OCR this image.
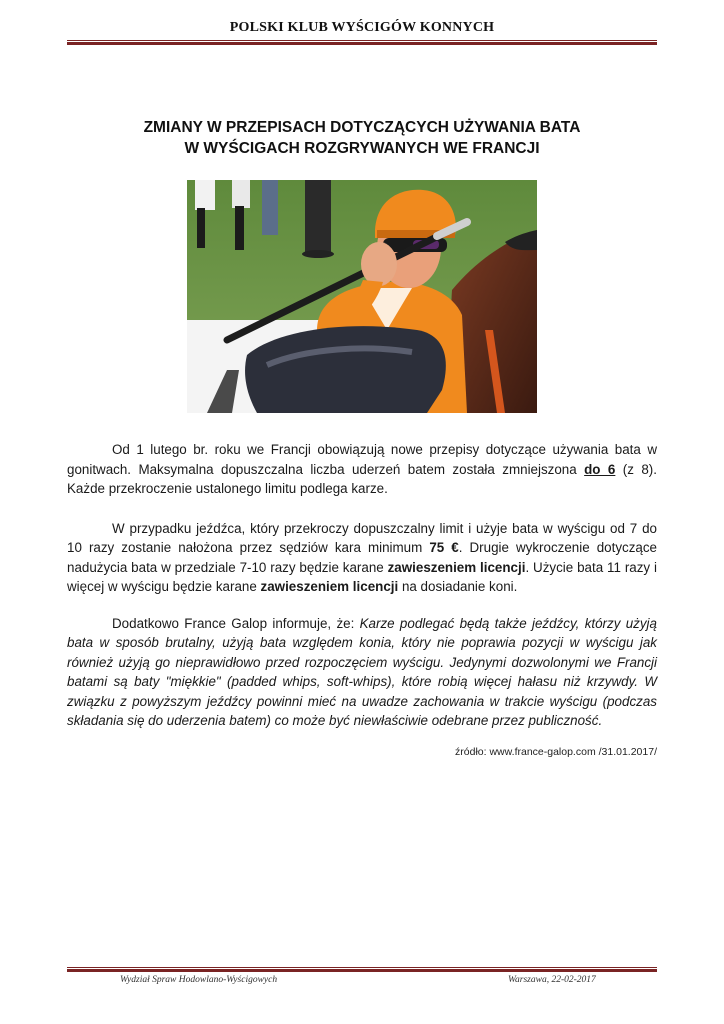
POLSKI KLUB WYŚCIGÓW KONNYCH
ZMIANY W PRZEPISACH DOTYCZĄCYCH UŻYWANIA BATA
W WYŚCIGACH ROZGRYWANYCH WE FRANCJI

Od 1 lutego br. roku we Francji obowiązują nowe przepisy dotyczące używania bata w gonitwach. Maksymalna dopuszczalna liczba uderzeń batem została zmniejszona do 6 (z 8). Każde przekroczenie ustalonego limitu podlega karze.

W przypadku jeźdźca, który przekroczy dopuszczalny limit i użyje bata w wyścigu od 7 do 10 razy zostanie nałożona przez sędziów kara minimum 75 €. Drugie wykroczenie dotyczące nadużycia bata w przedziale 7-10 razy będzie karane zawieszeniem licencji. Użycie bata 11 razy i więcej w wyścigu będzie karane zawieszeniem licencji na dosiadanie koni.

Dodatkowo France Galop informuje, że: Karze podlegać będą także jeźdźcy, którzy użyją bata w sposób brutalny, użyją bata względem konia, który nie poprawia pozycji w wyścigu jak również użyją go nieprawidłowo przed rozpoczęciem wyścigu. Jedynymi dozwolonymi we Francji batami są baty "miękkie" (padded whips, soft-whips), które robią więcej hałasu niż krzywdy. W związku z powyższym jeźdźcy powinni mieć na uwadze zachowania w trakcie wyścigu (podczas składania się do uderzenia batem) co może być niewłaściwie odebrane przez publiczność.

źródło: www.france-galop.com /31.01.2017/
Wydział Spraw Hodowlano-Wyścigowych	Warszawa, 22-02-2017
